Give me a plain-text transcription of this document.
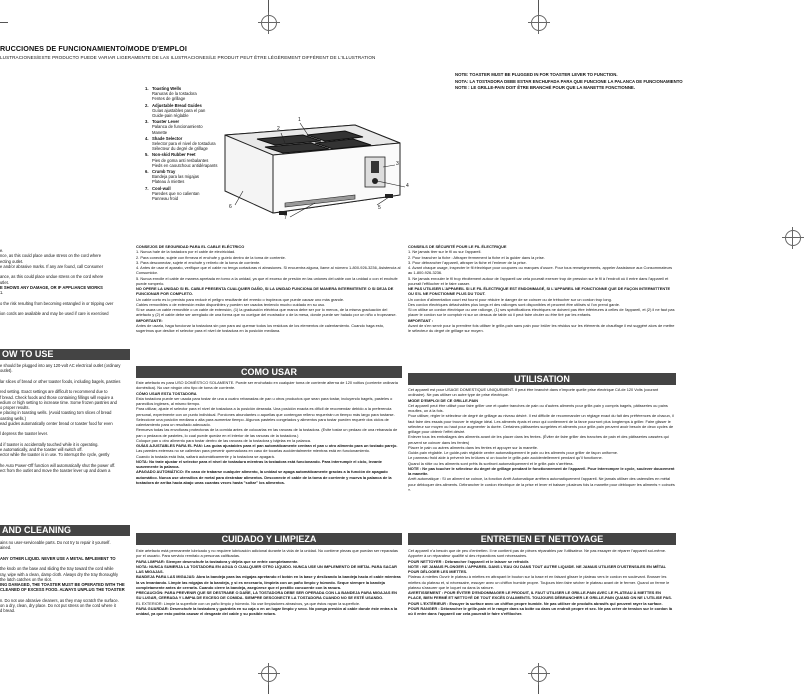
RUCCIONES DE FUNCIONAMIENTO/MODE D'EMPLOI
LUSTRACIONES/ESTE PRODUCTO PUEDE VARIAR LIGERAMENTE DE LAS ILUSTRACIONES/LE PRODUIT PEUT ÊTRE LÉGÈREMENT DIFFÉRENT DE L'ILLUSTRATION
NOTE: TOASTER MUST BE PLUGGED IN FOR TOASTER LEVER TO FUNCTION.
NOTA: LA TOSTADORA DEBE ESTAR ENCHUFADA PARA QUE FUNCIONE LA PALANCA DE FUNCIONAMIENTO
NOTE : LE GRILLE-PAIN DOIT ÊTRE BRANCHÉ POUR QUE LA MANETTE FONCTIONNE.
1. Toasting Wells
Ranuras de la tostadora
Fentes de grillage
2. Adjustable Bread Guides
Guías ajustables para el pan
Guide-pain réglable
3. Toaster Lever
Palanca de funcionamiento
Manette
4. Shade Selector
Selector para el nivel de tostadura
Sélecteur du degré de grillage
5. Non-skid Rubber Feet
Pies de goma anti resbalantes
Pieds en caoutchouc antidérapants
6. Crumb Tray
Bandeja para las migajas
Plateau à miettes
7. Cool-wall
Paredes que no calientan
Panneau froid
1
2
3
4
5
6
7
e.
nce, as this could place undue stress on the cord where
ecting outlet.
e and/or abrasive marks. If any are found, call Consumer

ance, as this could place undue stress on the cord where
utlet.
E SHOWS ANY DAMAGE, OR IF APPLIANCE WORKS
1.

o the risk resulting from becoming entangled in or tripping over

ion cords are available and may be used if care is exercised

OW TO USE
e should be plugged into any 120-volt AC electrical outlet (ordinary
outlet).

lar slices of bread or other toaster foods, including bagels, pastries

red setting. Exact settings are difficult to recommend due to
f bread. Check foods and those containing fillings will require a
edium or high setting to increase time. Some frozen pastries and
o proper results.
e placing in toasting wells. (Avoid toasting torn slices of bread
oasting wells.)
ead guides automatically center bread or toaster food for even

l depress the toaster lever.

d if toaster is accidentally touched while it is operating.
e automatically, and the toaster will switch off.
ector while the toaster is in use. To interrupt the cycle, gently

he Auto Power-Off function will automatically shut the power off.
ect from the outlet and move the toaster lever up and down a
AND CLEANING
ains no user-serviceable parts. Do not try to repair it yourself.
ained.

ANY OTHER LIQUID. NEVER USE A METAL IMPLEMENT TO

the knob on the base and sliding the tray toward the cord while
ray, wipe with a clean, damp cloth. Always dry the tray thoroughly
the latch catches on the slot.
ING DAMAGED, THE TOASTER MUST BE OPERATED WITH THE
CLEANED OF EXCESS FOOD. ALWAYS UNPLUG THE TOASTER

n. Do not use abrasive cleaners, as they may scratch the surface.
on a dry, clean, dry place. Do not put stress on the cord where it
d bread.
CONSEJOS DE SEGURIDAD PARA EL CABLE ELÉCTRICO
1. Nunca hale de la tostadora por el cable de electricidad.
2. Para conectar, sujete con firmeza el enchufe y guíelo dentro de la toma de corriente.
3. Para desconectar, sujete el enchufe y retírelo de la toma de corriente.
4. Antes de usar el aparato, verifique que el cable no tenga cortaduras ni abrasiones. Si encuentra alguna, llame al número 1-800-926-3236, Asistencia al Consumidor.
5. Nunca enrolle el cable de manera apretada en torno a la unidad, ya que el exceso de presión en las uniones del cable con la unidad o con el enchufe puede romperlo.
NO OPERE LA UNIDAD SI EL CABLE PRESENTA CUALQUIER DAÑO, SI LA UNIDAD FUNCIONA DE MANERA INTERMITENTE O SI DEJA DE FUNCIONAR POR COMPLETO.
Un cable corto es lo previsto para reducir el peligro resultante del enredo o tropiezos que puede causar uno más grande.
Cables removibles o de extensión están disponibles y pueden ser usados teniendo mucho cuidado en su uso.
Si se usara un cable removible o un cable de extensión, (1) la graduación eléctrica que marca debe ser por lo menos, de la misma graduación del artefacto y (2) el cable debe ser arreglado de una forma que no cuelgue del mostrador o de la mesa, donde puede ser halado por un niño o tropezarse.
IMPORTANTE:
Antes de usarla, haga funcionar la tostadora sin pan para así quemar todos los residuos de los elementos de calentamiento. Cuando haga esto, sugerimos que deslice el selector para el nivel de tostadura en la posición mediana.
COMO USAR
Este artefacto es para USO DOMÉSTICO SOLAMENTE. Puede ser enchufado en cualquier toma de corriente alterna de 120 voltios (corriente ordinaria doméstica). No use ningún otro tipo de toma de corriente.
CÓMO USAR ESTA TOSTADORA
Esta tostadora puede ser usada para tostar de una a cuatro rebanadas de pan u otros productos que sean para tostar, incluyendo bagels, pasteles o panecillos ingleses, al mismo tiempo.
Para utilizar, ajuste el selector para el nivel de tostadura a la posición deseada. Una posición exacta es difícil de recomendar debido a la preferencia personal, experimente con un punto individual. Porciones abundantes o aquellas que contengan relleno requerirán un tiempo más largo para tostarse. Seleccione una posición mediana o alta para aumentar tiempo. Algunos pasteles congelados y alimentos para tostar pueden requerir dos ciclos de calentamiento para un resultado adecuado.
Remueva todas las envolturas protectoras de la comida antes de colocarlas en las ranuras de la tostadora. (Evite tostar un pedazo de una rebanada de pan o pedazos de pasteles, lo cual puede quedar en el interior de las ranuras de la tostadora.)
Coloque pan u otro alimento para tostar dentro de las ranuras de la tostadora y bájelas en la palanca.
GUÍAS AJUSTABLES PARA EL PAN: Las guías ajustables para el pan automáticamente centran el pan u otro alimento para un tostado parejo.
Las paredes externas no se calientan para prevenir quemaduras en caso de tocarlas accidentalmente mientras está en funcionamiento.
Cuando la tostada está lista, saltará automáticamente y la tostadora se apagará.
NOTA: No trate ajustar el selector para el nivel de tostadura mientras la tostadora está funcionando. Para interrumpir el ciclo, levante suavemente la palanca.
APAGADO AUTOMÁTICO: En caso de trabarse cualquier alimento, la unidad se apaga automáticamente gracias a la función de apagado automático. Nunca use utensilios de metal para destrabar alimentos. Desconecte el cable de la toma de corriente y mueva la palanca de la tostadora de arriba hacia abajo unas cuantas veces hasta "soltar" los alimentos.
CUIDADO Y LIMPIEZA
Este artefacto está permanente lubricado y no requiere lubricación adicional durante la vida de la unidad. No contiene piezas que puedan ser reparadas por el usuario. Para servicio remítalo a personas calificadas.
PARA LIMPIAR: Siempre desenchufe la tostadora y déjela que se enfríe completamente.
NOTA: NUNCA SUMERJA LA TOSTADORA EN AGUA O CUALQUIER OTRO LÍQUIDO. NUNCA USE UN IMPLEMENTO DE METAL PARA SACAR LAS MIGAJAS.
BANDEJA PARA LAS MIGAJAS: Abra la bandeja para las migajas apretando el botón en la base y deslizando la bandeja hacia el cable mientras la va levantando. Limpie las migajas de la bandeja, y si es necesario, límpiela con un paño limpio y húmedo. Seque siempre la bandeja completamente antes de cerrarla. Cuando cierre la bandeja, asegúrese que el pestillo concuerde con la ranura.
PRECAUCIÓN: PARA PREVENIR QUE SE DESTRABE O DAÑE, LA TOSTADORA DEBE SER OPERADA CON LA BANDEJA PARA MIGAJAS EN SU LUGAR, CERRADA Y LIMPIA DE EXCESO DE COMIDA. SIEMPRE DESCONECTE LA TOSTADORA CUANDO NO SE ESTÉ USANDO.
EL EXTERIOR: Limpie la superficie con un paño limpio y húmedo. No use limpiadores abrasivos, ya que éstos rayan la superficie.
PARA GUARDAR: Desenchufe la tostadora y guárdela en su caja o en un lugar limpio y seco. No ponga presión al cable donde éste entra a la unidad, ya que esto podría causar el desgaste del cable y su posible rotura.
CONSEILS DE SÉCURITÉ POUR LE FIL ÉLECTRIQUE
1. Ne jamais tirer sur le fil ou sur l'appareil.
2. Pour brancher la fiche : Attraper fermement la fiche et la guider dans la prise.
3. Pour débrancher l'appareil, attraper la fiche et l'enlever de la prise.
4. Avant chaque usage, inspecter le fil électrique pour coupures ou marques d'usure. Pour tous renseignements, appeler Assistance aux Consommateurs au 1-800-926-3236.
5. Ne jamais enrouler le fil trop étroitement autour de l'appareil car cela pourrait exercer trop de pression sur le fil à l'endroit où il entre dans l'appareil et pourrait l'effilocher et le faire casser.
NE PAS UTILISER L'APPAREIL SI LE FIL ÉLECTRIQUE EST ENDOMMAGÉ, SI L'APPAREIL NE FONCTIONNE QUE DE FAÇON INTERMITTENTE OU S'IL NE FONCTIONNE PLUS DU TOUT.
Un cordon d'alimentation court est fourni pour réduire le danger de se coincer ou de trébucher sur un cordon trop long.
Des cordon électriques détachables plus longs et des rallonges sont disponibles et peuvent être utilisés si l'on prend garde.
Si on utilise un cordon électrique ou une rallonge, (1) ses spécifications électriques ne doivent pas être inférieures à celles de l'appareil, et (2) il ne faut pas placer le cordon sur le comptoir ni sur un dessus de table où il peut faire chuter ou être tiré par les enfants.
IMPORTANT :
Avant de s'en servir pour la première fois utiliser le grille-pain sans pain pour brûler les résidus sur les éléments de chauffage il est suggéré alors de mettre le sélecteur du degré de grillage sur moyen.
UTILISATION
Cet appareil est pour USAGE DOMESTIQUE UNIQUEMENT. Il peut être branché dans n'importe quelle prise électrique CA de 120 Volts (courant ordinaire). Ne pas utiliser un autre type de prise électrique.
MODE D'EMPLOI DE CE GRILLE-PAIN
Cet appareil peut être utilisé pour faire griller une et quatre tranches de pain ou d'autres aliments pour grille-pain y compris bagels, pâtisseries ou pains moufles, un à la fois.
Pour utiliser, régler le sélecteur de degré de grillage au niveau désiré. Il est difficile de recommander un réglage exact du fait des préférences de chacun, il faut faire des essais pour trouver le réglage idéal. Les aliments épais et ceux qui contiennent de la farce pourront plus longtemps à griller. Faire glisser le sélecteur sur moyen ou haut pour augmenter la durée. Certaines pâtisseries surgelées et aliments pour grille-pain peuvent avoir besoin de deux cycles de grillage pour obtenir l'effet désiré.
Enlever tous les emballages des aliments avant de les placer dans les fentes. (Éviter de faire griller des tranches de pain et des pâtisseries cassées qui peuvent se coincer dans les fentes)
Placer le pain ou autres aliments dans les fentes et appuyer sur la manette.
Guide-pain réglable. Le guide-pain réglable centre automatiquement le pain ou les aliments pour griller de façon uniforme.
Le panneau froid aide à prévenir les brûlures si on touche le grille-pain accidentellement pendant qu'il fonctionne.
Quand la rôtie ou les aliments sont prêts ils sortiront automatiquement et le grille-pain s'arrêtera.
NOTE : Ne pas toucher le sélecteur du degré de grillage pendant le fonctionnement de l'appareil. Pour interrompre le cycle, soulever doucement la manette.
Arrêt automatique : Si un aliment se coince, la fonction Arrêt Automatique arrêtera automatiquement l'appareil. Ne jamais utiliser des ustensiles en métal pour débloquer des aliments. Débrancher le cordon électrique de la prise et lever et baisser plusieurs fois la manette pour débloquer les aliments « coincés ».
ENTRETIEN ET NETTOYAGE
Cet appareil n'a besoin que de peu d'entretien. Il ne contient pas de pièces réparables par l'utilisateur. Ne pas essayer de réparer l'appareil soi-même.
Apporter à un réparateur qualifié si des réparations sont nécessaires.
POUR NETTOYER : Débrancher l'appareil et le laisser se refroidir.
NOTE : NE JAMAIS PLONGER L'APPAREIL DANS L'EAU OU DANS TOUT AUTRE LIQUIDE. NE JAMAIS UTILISER D'USTENSILES EN MÉTAL POUR DÉLOGER LES MIETTES.
Plateau à miettes Ouvrir le plateau à miettes en attrapant le bouton sur la base et en faisant glisser le plateau vers le cordon en soulevant. Brosser les miettes du plateau et, si nécessaire, essuyer avec un chiffon humide propre. Toujours bien faire sécher le plateau avant de le fermer. Quand on ferme le plateau s'assurer que le loquet va dans la rainure.
AVERTISSEMENT : POUR ÉVITER D'ENDOMMAGER LE PRODUIT, IL FAUT UTILISER LE GRILLE-PAIN AVEC LE PLATEAU À MIETTES EN PLACE, BIEN FERMÉ ET NETTOYÉ DE TOUT EXCÈS D'ALIMENTS. TOUJOURS DÉBRANCHER LE GRILLE-PAIN QUAND ON NE L'UTILISE PAS.
POUR L'EXTÉRIEUR : Essuyer la surface avec un chiffon propre humide. Ne pas utiliser de produits abrasifs qui peuvent rayer la surface.
POUR RANGER : Débrancher le grille-pain et le ranger dans sa boîte ou dans un endroit propre et sec. Ne pas créer de tension sur le cordon là où il entre dans l'appareil car cela pourrait le faire s'effilocher.
